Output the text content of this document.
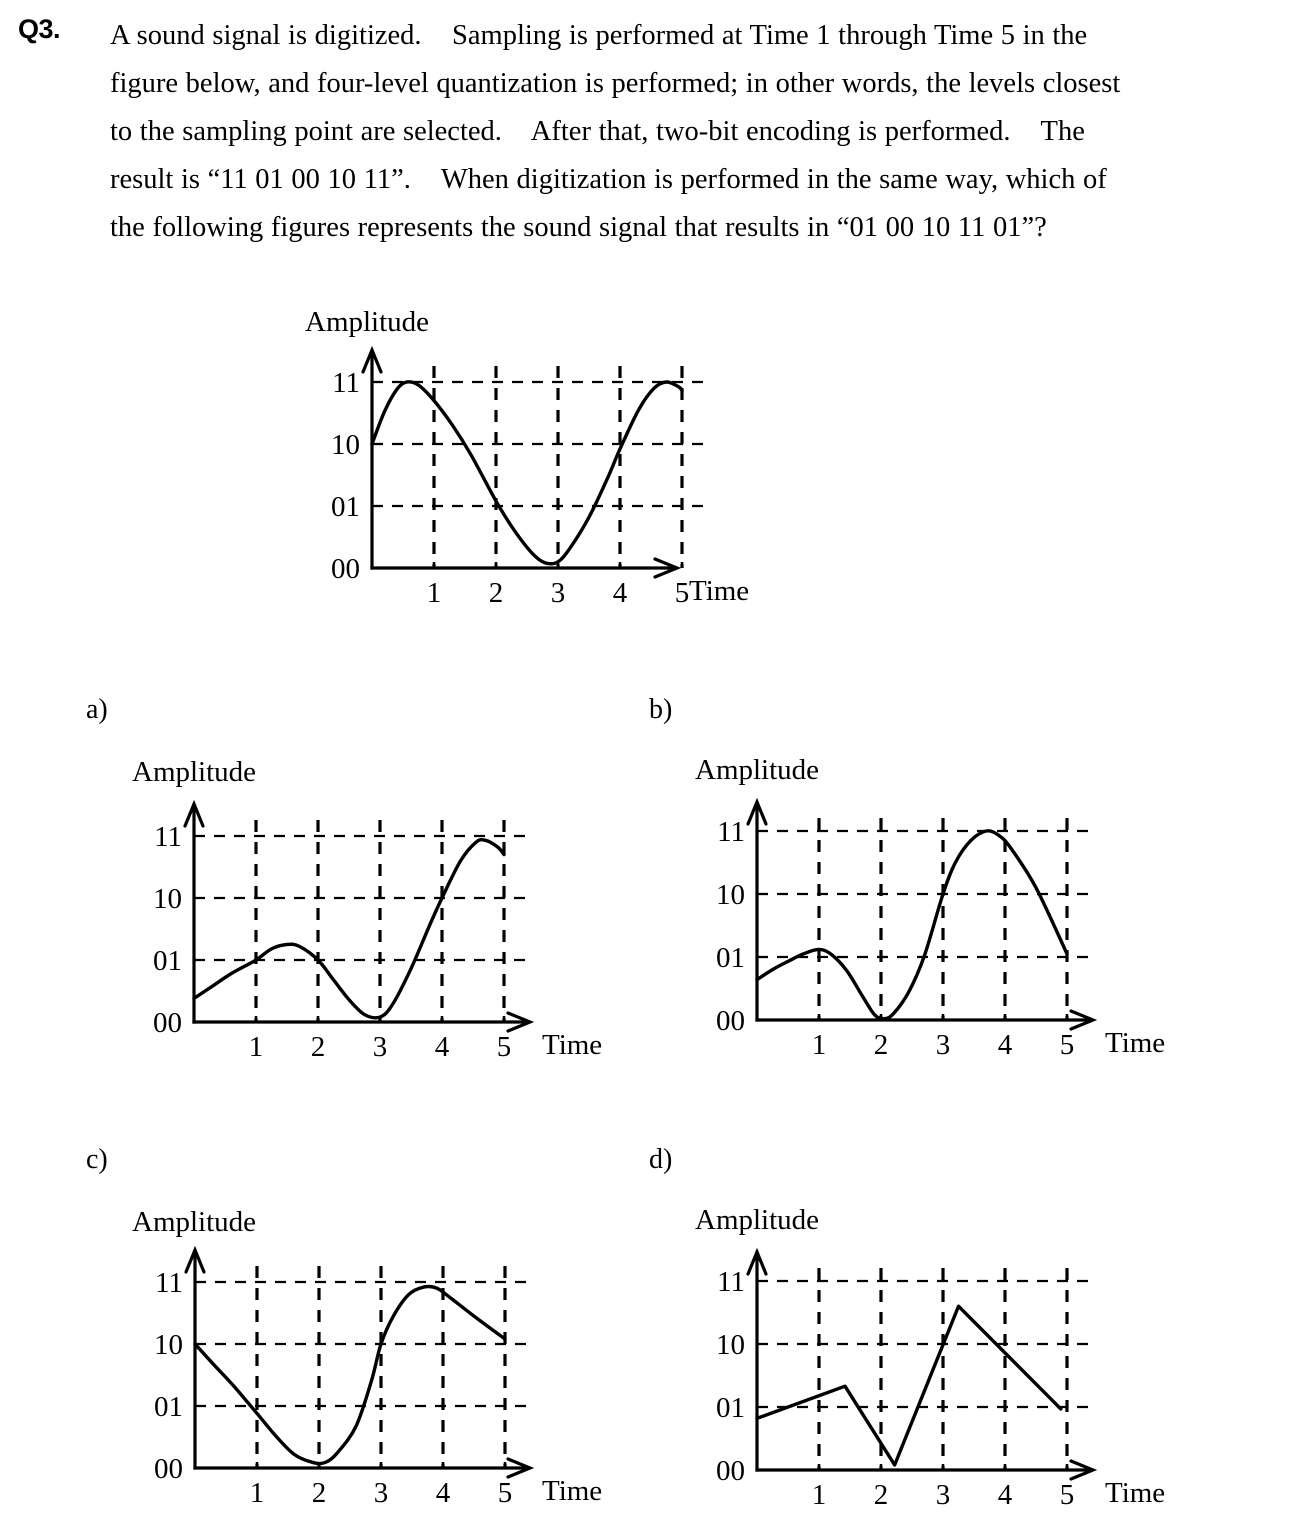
Q3. A sound signal is digitized.    Sampling is performed at Time 1 through Time 5 in the
figure below, and four-level quantization is performed; in other words, the levels closest
to the sampling point are selected.    After that, two-bit encoding is performed.    The
result is “11 01 00 10 11”.    When digitization is performed in the same way, which of
the following figures represents the sound signal that results in “01 00 10 11 01”?
Amplitude
11
10
01
00
1 2 3 4 5 Time
a)
Amplitude
11
10
01
00
1 2 3 4 5 Time
b)
Amplitude
11
10
01
00
1 2 3 4 5 Time
c)
Amplitude
11
10
01
00
1 2 3 4 5 Time
d)
Amplitude
11
10
01
00
1 2 3 4 5 Time
